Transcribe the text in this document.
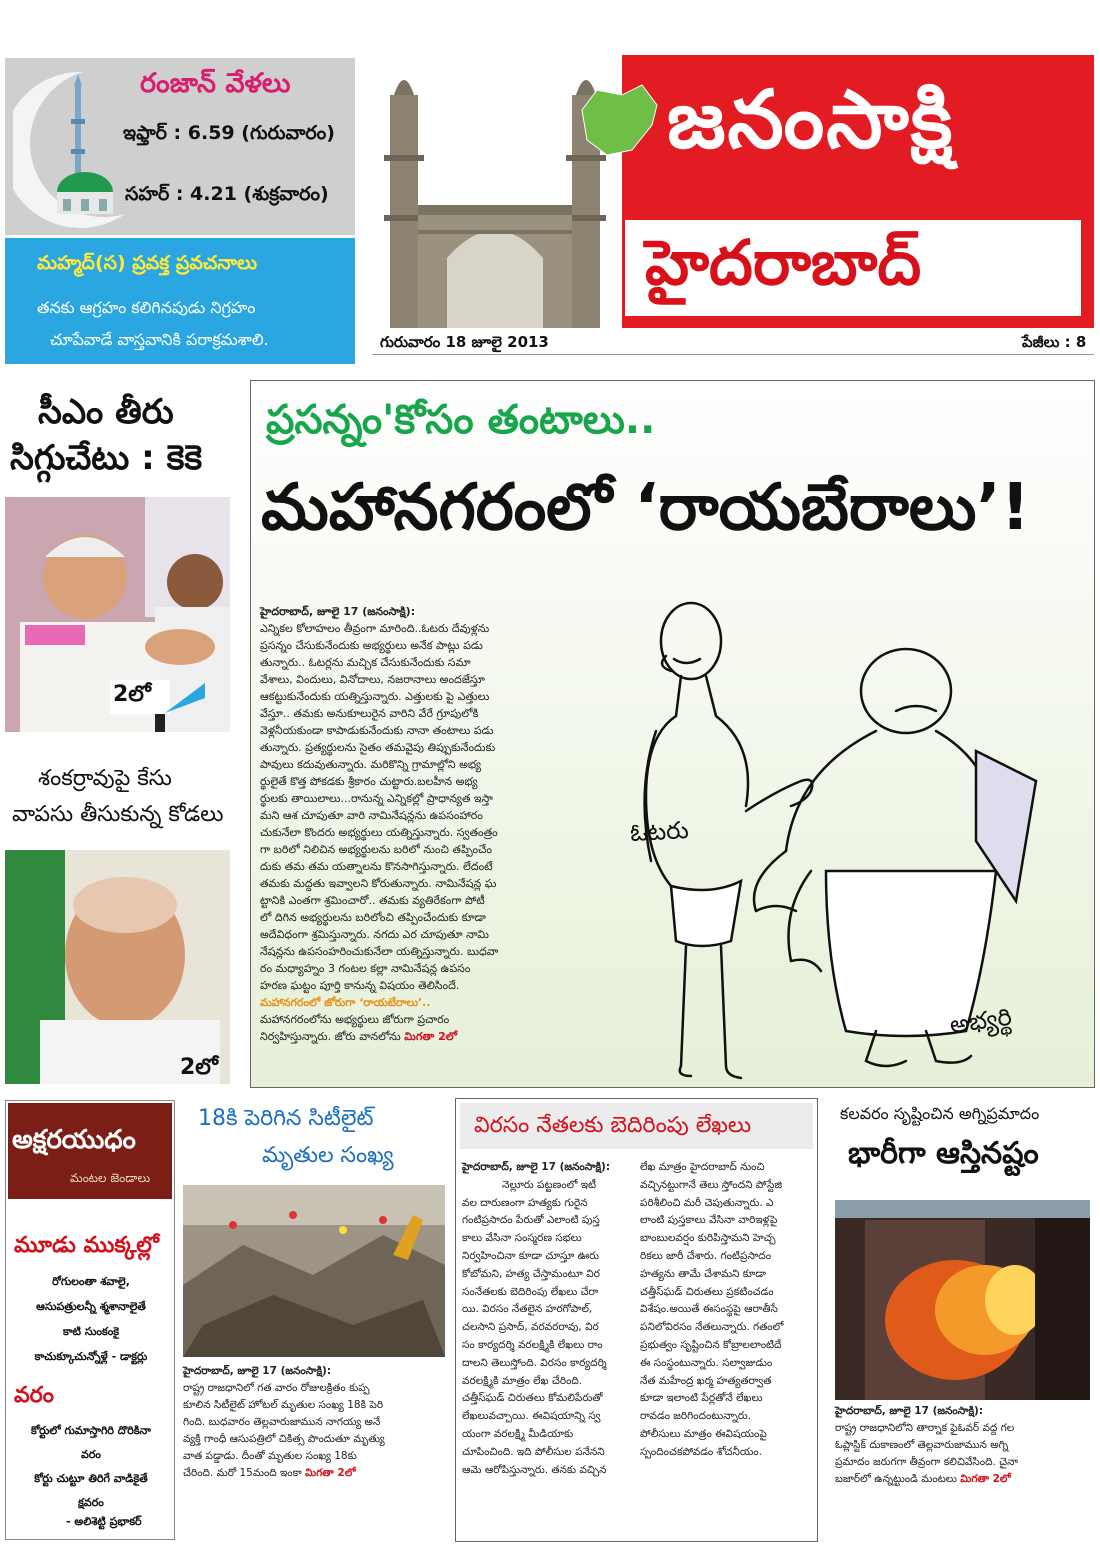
రంజాన్ వేళలు
ఇఫ్తార్ : 6.59 (గురువారం)
సహర్ : 4.21 (శుక్రవారం)
మహ్మద్(స) ప్రవక్త ప్రవచనాలు
తనకు ఆగ్రహం కలిగినపుడు నిగ్రహం
చూపేవాడే వాస్తవానికి పరాక్రమశాలి.
జనంసాక్షి
హైదరాబాద్
గురువారం 18 జూలై 2013	పేజీలు : 8
సీఎం తీరు
సిగ్గుచేటు : కెకె
2లో
శంకర్రావుపై కేసు
వాపసు తీసుకున్న కోడలు
2లో
ప్రసన్నం'కోసం తంటాలు..
మహానగరంలో ‘రాయబేరాలు’!

హైదరాబాద్, జూలై 17 (జనంసాక్షి):

ఎన్నికల కోలాహలం తీవ్రంగా మారింది..ఓటరు దేవుళ్లను

ప్రసన్నం చేసుకునేందుకు అభ్యర్థులు అనేక పాట్లు పడు

తున్నారు.. ఓటర్లను మచ్చిక చేసుకునేందుకు సమా

వేశాలు, విందులు, వినోదాలు, నజరానాలు అందజేస్తూ

ఆకట్టుకునేందుకు యత్నిస్తున్నారు. ఎత్తులకు పై ఎత్తులు

వేస్తూ.. తమకు అనుకూలురైన వారిని వేరే గ్రూపులోకి

వెళ్లనీయకుండా కాపాడుకునేందుకు నానా తంటాలు పడు

తున్నారు. ప్రత్యర్థులను సైతం తమవైపు తిప్పుకునేందుకు

పావులు కదువుతున్నారు. మరికొన్ని గ్రామాల్లోని అభ్య

ర్థులైతే కొత్త పోకడకు శ్రీకారం చుట్టారు.బలహీన అభ్య

ర్థులకు తాయిలాలు...రానున్న ఎన్నికల్లో ప్రాధాన్యత ఇస్తా

మని ఆశ చూపుతూ వారి నామినేషన్లను ఉపసంహారం

చుకునేలా కొందరు అభ్యర్థులు యత్నిస్తున్నారు. స్వతంత్రం

గా బరిలో నిలిచిన అభ్యర్థులను బరిలో నుంచి తప్పించేం

దుకు తమ తమ యత్నాలను కొనసాగిస్తున్నారు. లేదంటే

తమకు మద్దతు ఇవ్వాలని కోరుతున్నారు. నామినేషన్ల ఘ

ట్టానికి ఎంతగా శ్రమించారో.. తమకు వ్యతిరేకంగా పోటీ

లో దిగిన అభ్యర్థులను బరిలోంచి తప్పించేందుకు కూడా

అదేవిధంగా శ్రమిస్తున్నారు. నగదు ఎర చూపుతూ నామి

నేషన్లను ఉపసంహరించుకునేలా యత్నిస్తున్నారు. బుధవా

రం మధ్యాహ్నం 3 గంటల కల్లా నామినేషన్ల ఉపసం

హరణ ఘట్టం పూర్తి కానున్న విషయం తెలిసిందే.

మహానగరంలో జోరుగా ‘రాయబేరాలు’..

మహానగరంలోను అభ్యర్థులు జోరుగా ప్రచారం

నిర్వహిస్తున్నారు. జోరు వానలోను మిగతా 2లో

ఓటరు
అభ్యర్థి
అక్షరయుధం
మంటల జెండాలు
మూడు ముక్కల్లో
రోగులంతా శవాలై,
ఆసుపత్రులన్నీ శ్మశానాలైతే
కాటి సుంకంకై
కాచుక్కూచున్నోళ్లే - డాక్టర్లు
వరం
కోర్టులో గుమాస్తాగిరి దొరికినా
వరం
కోర్టు చుట్టూ తిరిగే వాడికైతే
క్షవరం
- అలిశెట్టి ప్రభాకర్
18కి పెరిగిన సిటీలైట్
మృతుల సంఖ్య

హైదరాబాద్, జూలై 17 (జనంసాక్షి):

రాష్ట్ర రాజధానిలో గత వారం రోజులక్రితం కుప్ప

కూలిన సిటీలైట్ హోటల్ మృతుల సంఖ్య 18కి పెరి

గింది. బుధవారం తెల్లవారుజామున నాగయ్య అనే

వ్యక్తి గాంధీ ఆసుపత్రిలో చికిత్స పొందుతూ మృత్యు

వాత పడ్డాడు. దీంతో మృతుల సంఖ్య 18కు

చేరింది. మరో 15మంది ఇంకా మిగతా 2లో

విరసం నేతలకు బెదిరింపు లేఖలు

హైదరాబాద్, జూలై 17 (జనంసాక్షి):

నెల్లూరు పట్టణంలో ఇటీ

వల దారుణంగా హత్యకు గురైన

గంటిప్రసాదం పేరుతో ఎలాంటి పుస్త

కాలు వేసినా సంస్మరణ సభలు

నిర్వహించినా కూడా చూస్తూ ఊరు

కోబోమని, హత్య చేస్తామంటూ విర

సంనేతలకు బెదిరింపు లేఖలు చేరా

యి. విరసం నేతలైన హరగోపాల్,

చలసాని ప్రసాద్, వరవరరావు, విర

సం కార్యదర్శి వరలక్ష్మికి లేఖలు రాం

దాలని తెలుస్తోంది. విరసం కార్యదర్శి

వరలక్ష్మికి మాత్రం లేఖ చేరింది.

చత్తీస్‌ఘడ్ చిరుతలు కోమలిపేరుతో

లేఖలువచ్చాయి. ఈవిషయాన్ని స్వ

యంగా వరలక్ష్మి మీడియాకు

చూపించింది. ఇది పోలీసుల పనేనని

ఆమె ఆరోపిస్తున్నారు. తనకు వచ్చిన

లేఖ మాత్రం హైదరాబాద్ నుంచి

వచ్చినట్టుగానే తెలు స్తోందని పోస్టేజి

పరిశీలించి మరీ చెపుతున్నారు. ఎ

లాంటి పుస్తకాలు వేసినా వారిఇళ్లపై

బాంబులవర్షం కురిపిస్తామని హెచ్చ

రికలు జారీ చేశారు. గంటిప్రసాదం

హత్యను తామే చేశామని కూడా

చత్తీస్‌ఘడ్ చిరుతలు ప్రకటించడం

విశేషం.అయితే ఈసంస్థపై ఆరాతీసే

పనిలోవిరసం నేతలున్నారు. గతంలో

ప్రభుత్వం సృష్టించిన కోబ్రాలలాంటిదే

ఈ సంస్థంటున్నారు. సల్వాజుడుం

నేత మహేంద్ర ఖర్మ హత్యతర్వాత

కూడా ఇలాంటి పేర్లతోనే లేఖలు

రావడం జరిగిందంటున్నారు.

పోలీసులు మాత్రం ఈవిషయంపై

స్పందించకపోవడం శోచనీయం.

కలవరం సృష్టించిన అగ్నిప్రమాదం
భారీగా ఆస్తినష్టం

హైదరాబాద్, జూలై 17 (జనంసాక్షి):

రాష్ట్ర రాజధానిలోని తార్నాక ఫైఓవర్ వద్ద గల

ఓప్లాస్టిక్ దుకాణంలో తెల్లవారుజామున అగ్ని

ప్రమాదం జరుగగా తీవ్రంగా కలిచివేసింది. చైనా

బజార్‌లో ఉన్నట్టుండి మంటలు మిగతా 2లో
